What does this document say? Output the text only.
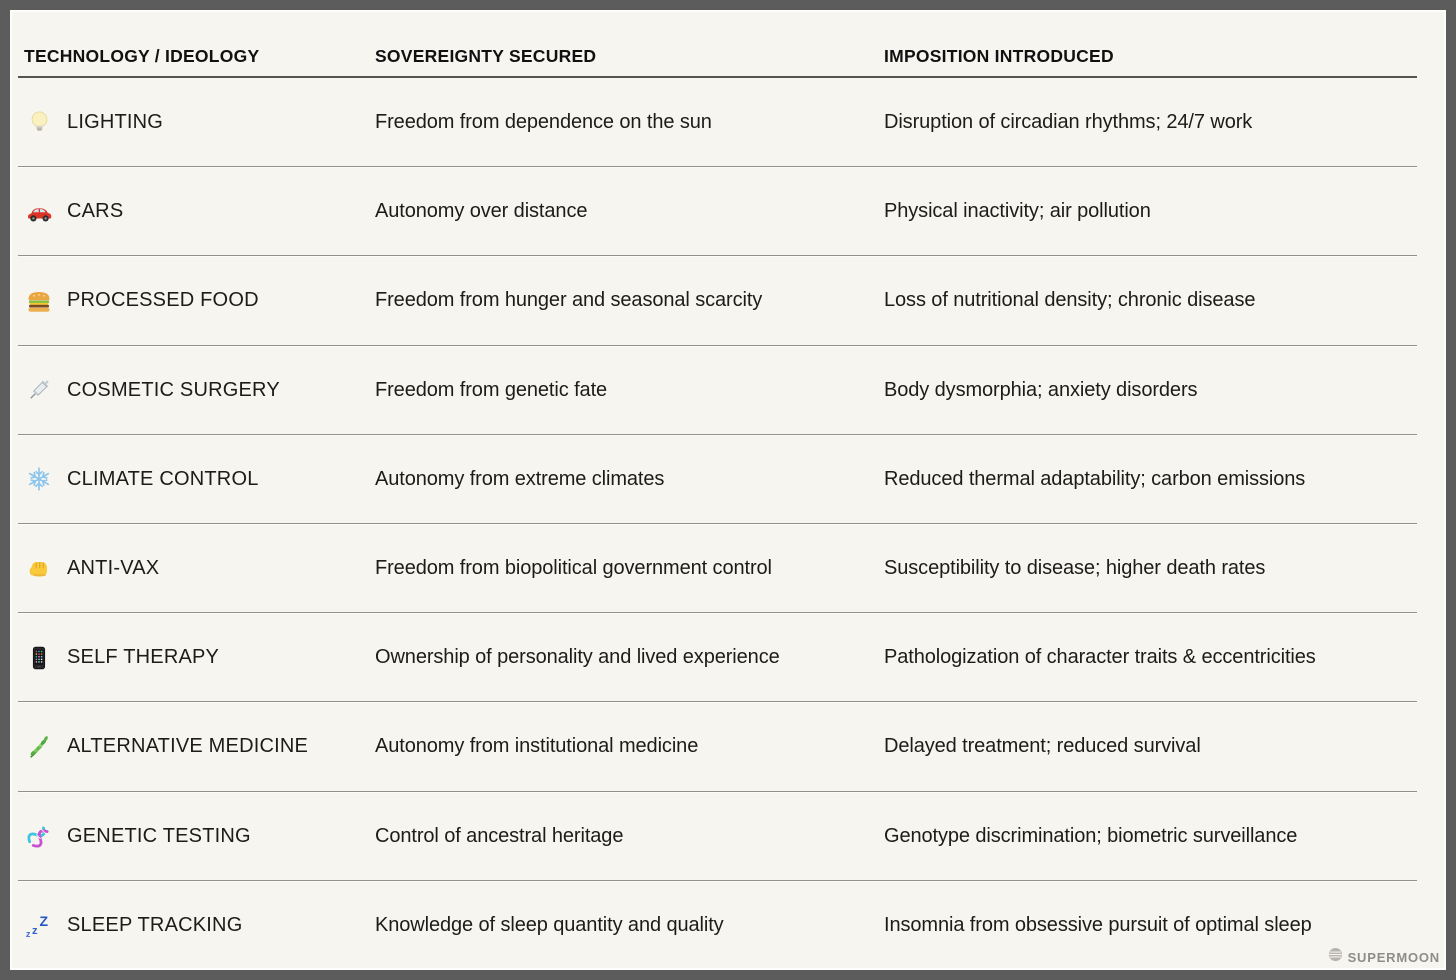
TECHNOLOGY / IDEOLOGY	SOVEREIGNTY SECURED	IMPOSITION INTRODUCED
LIGHTING	Freedom from dependence on the sun	Disruption of circadian rhythms; 24/7 work
CARS	Autonomy over distance	Physical inactivity; air pollution
PROCESSED FOOD	Freedom from hunger and seasonal scarcity	Loss of nutritional density; chronic disease
COSMETIC SURGERY	Freedom from genetic fate	Body dysmorphia; anxiety disorders
CLIMATE CONTROL	Autonomy from extreme climates	Reduced thermal adaptability; carbon emissions
ANTI-VAX	Freedom from biopolitical government control	Susceptibility to disease; higher death rates
SELF THERAPY	Ownership of personality and lived experience	Pathologization of character traits & eccentricities
ALTERNATIVE MEDICINE	Autonomy from institutional medicine	Delayed treatment; reduced survival
GENETIC TESTING	Control of ancestral heritage	Genotype discrimination; biometric surveillance
z z
Z SLEEP TRACKING	Knowledge of sleep quantity and quality	Insomnia from obsessive pursuit of optimal sleep
SUPERMOON
